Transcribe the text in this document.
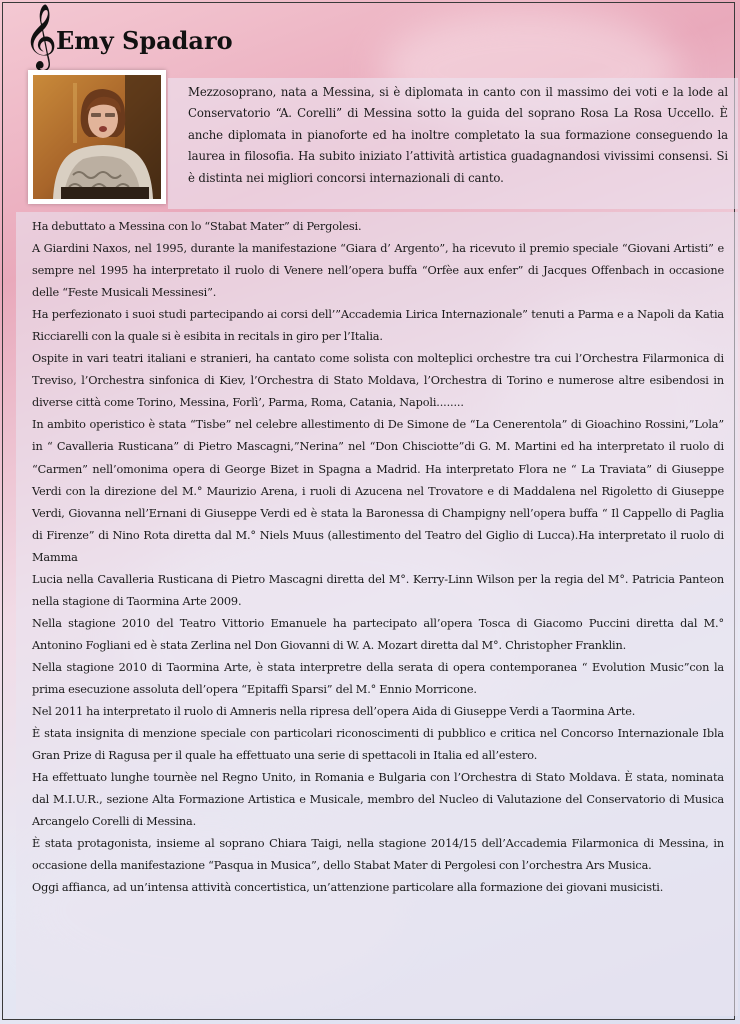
𝄞
Emy Spadaro
Mezzosoprano, nata a Messina, si è diplomata in canto con il massimo dei voti e la lode al Conservatorio “A. Corelli” di Messina sotto la guida del soprano Rosa La Rosa Uccello. È anche diplomata in pianoforte ed ha inoltre completato la sua formazione conseguendo la laurea in filosofia. Ha subito iniziato l’attività artistica guadagnandosi vivissimi consensi. Si è distinta nei migliori concorsi internazionali di canto.

Ha debuttato a Messina con lo “Stabat Mater” di Pergolesi.

A Giardini Naxos, nel 1995, durante la manifestazione “Giara d’ Argento”, ha ricevuto il premio speciale “Giovani Artisti” e sempre nel 1995 ha interpretato il ruolo di Venere nell’opera buffa “Orfèe aux enfer” di Jacques Offenbach in occasione delle “Feste Musicali Messinesi”.

Ha perfezionato i suoi studi partecipando ai corsi dell’”Accademia Lirica Internazionale” tenuti a Parma e a Napoli da Katia Ricciarelli con la quale si è esibita in recitals in giro per l’Italia.

Ospite in vari teatri italiani e stranieri, ha cantato come solista con molteplici orchestre tra cui l’Orchestra Filarmonica di Treviso, l’Orchestra sinfonica di Kiev, l’Orchestra di Stato Moldava, l’Orchestra di Torino e numerose altre esibendosi in diverse città come Torino, Messina, Forlì’, Parma, Roma, Catania, Napoli........

In ambito operistico è stata “Tisbe” nel celebre allestimento di De Simone de “La Cenerentola” di Gioachino Rossini,”Lola” in “ Cavalleria Rusticana” di Pietro Mascagni,”Nerina” nel “Don Chisciotte”di G. M. Martini ed ha interpretato il ruolo di “Carmen” nell’omonima opera di George Bizet in Spagna a Madrid. Ha interpretato Flora ne “ La Traviata” di Giuseppe Verdi con la direzione del M.° Maurizio Arena, i ruoli di Azucena nel Trovatore e di Maddalena nel Rigoletto di Giuseppe Verdi, Giovanna nell’Ernani di Giuseppe Verdi ed è stata la Baronessa di Champigny nell’opera buffa “ Il Cappello di Paglia di Firenze” di Nino Rota diretta dal M.° Niels Muus (allestimento del Teatro del Giglio di Lucca).Ha interpretato il ruolo di Mamma

Lucia nella Cavalleria Rusticana di Pietro Mascagni diretta del M°. Kerry-Linn Wilson per la regia del M°. Patricia Panteon nella stagione di Taormina Arte 2009.

Nella stagione 2010 del Teatro Vittorio Emanuele ha partecipato all’opera Tosca di Giacomo Puccini diretta dal M.° Antonino Fogliani ed è stata Zerlina nel Don Giovanni di W. A. Mozart diretta dal M°. Christopher Franklin.

Nella stagione 2010 di Taormina Arte, è stata interpretre della serata di opera contemporanea “ Evolution Music”con la prima esecuzione assoluta dell’opera “Epitaffi Sparsi” del M.° Ennio Morricone.

Nel 2011 ha interpretato il ruolo di Amneris nella ripresa dell’opera Aida di Giuseppe Verdi a Taormina Arte.

È stata insignita di menzione speciale con particolari riconoscimenti di pubblico e critica nel Concorso Internazionale Ibla Gran Prize di Ragusa per il quale ha effettuato una serie di spettacoli in Italia ed all’estero.

Ha effettuato lunghe tournèe nel Regno Unito, in Romania e Bulgaria con l’Orchestra di Stato Moldava. È stata, nominata dal M.I.U.R., sezione Alta Formazione Artistica e Musicale, membro del Nucleo di Valutazione del Conservatorio di Musica Arcangelo Corelli di Messina.

È stata protagonista, insieme al soprano Chiara Taigi, nella stagione 2014/15 dell’Accademia Filarmonica di Messina, in occasione della manifestazione “Pasqua in Musica”, dello Stabat Mater di Pergolesi con l’orchestra Ars Musica.

Oggi affianca, ad un’intensa attività concertistica, un’attenzione particolare alla formazione dei giovani musicisti.
